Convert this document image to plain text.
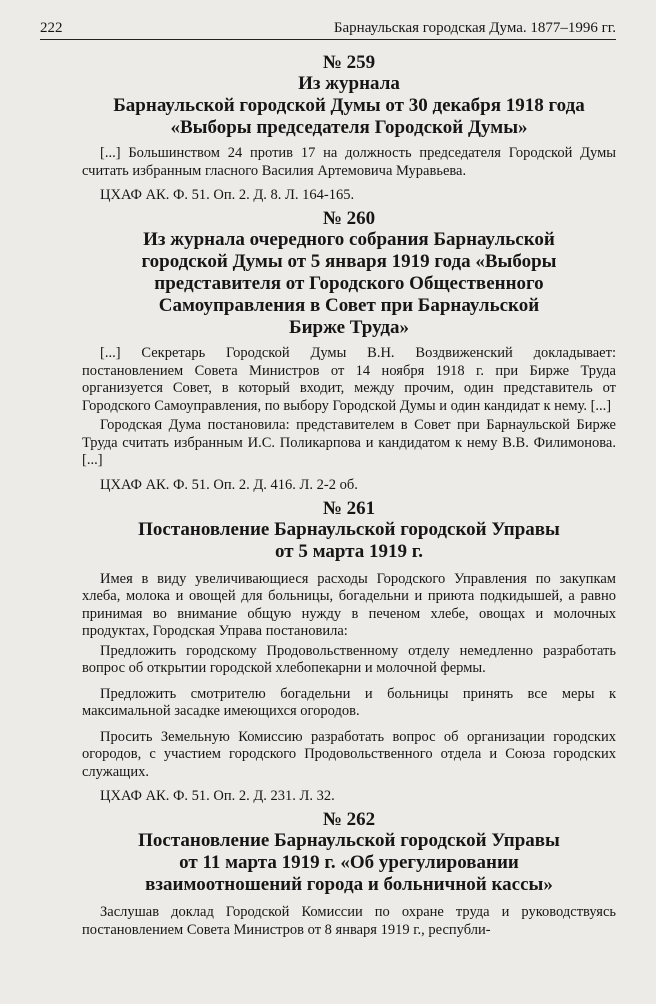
222	Барнаульская городская Дума. 1877–1996 гг.
№ 259
Из журнала
Барнаульской городской Думы от 30 декабря 1918 года
«Выборы председателя Городской Думы»

[...] Большинством 24 против 17 на должность председателя Городской Думы считать избранным гласного Василия Артемовича Муравьева.

ЦХАФ АК. Ф. 51. Оп. 2. Д. 8. Л. 164-165.
№ 260
Из журнала очередного собрания Барнаульской
городской Думы от 5 января 1919 года «Выборы
представителя от Городского Общественного
Самоуправления в Совет при Барнаульской
Бирже Труда»

[...] Секретарь Городской Думы В.Н. Воздвиженский докладывает: постановлением Совета Министров от 14 ноября 1918 г. при Бирже Труда организуется Совет, в который входит, между прочим, один представитель от Городского Самоуправления, по выбору Городской Думы и один кандидат к нему. [...]

Городская Дума постановила: представителем в Совет при Барнаульской Бирже Труда считать избранным И.С. Поликарпова и кандидатом к нему В.В. Филимонова. [...]

ЦХАФ АК. Ф. 51. Оп. 2. Д. 416. Л. 2-2 об.
№ 261
Постановление Барнаульской городской Управы
от 5 марта 1919 г.

Имея в виду увеличивающиеся расходы Городского Управления по закупкам хлеба, молока и овощей для больницы, богадельни и приюта подкидышей, а равно принимая во внимание общую нужду в печеном хлебе, овощах и молочных продуктах, Городская Управа постановила:

Предложить городскому Продовольственному отделу немедленно разработать вопрос об открытии городской хлебопекарни и молочной фермы.

Предложить смотрителю богадельни и больницы принять все меры к максимальной засадке имеющихся огородов.

Просить Земельную Комиссию разработать вопрос об организации городских огородов, с участием городского Продовольственного отдела и Союза городских служащих.

ЦХАФ АК. Ф. 51. Оп. 2. Д. 231. Л. 32.
№ 262
Постановление Барнаульской городской Управы
от 11 марта 1919 г. «Об урегулировании
взаимоотношений города и больничной кассы»

Заслушав доклад Городской Комиссии по охране труда и руководствуясь постановлением Совета Министров от 8 января 1919 г., республи-
